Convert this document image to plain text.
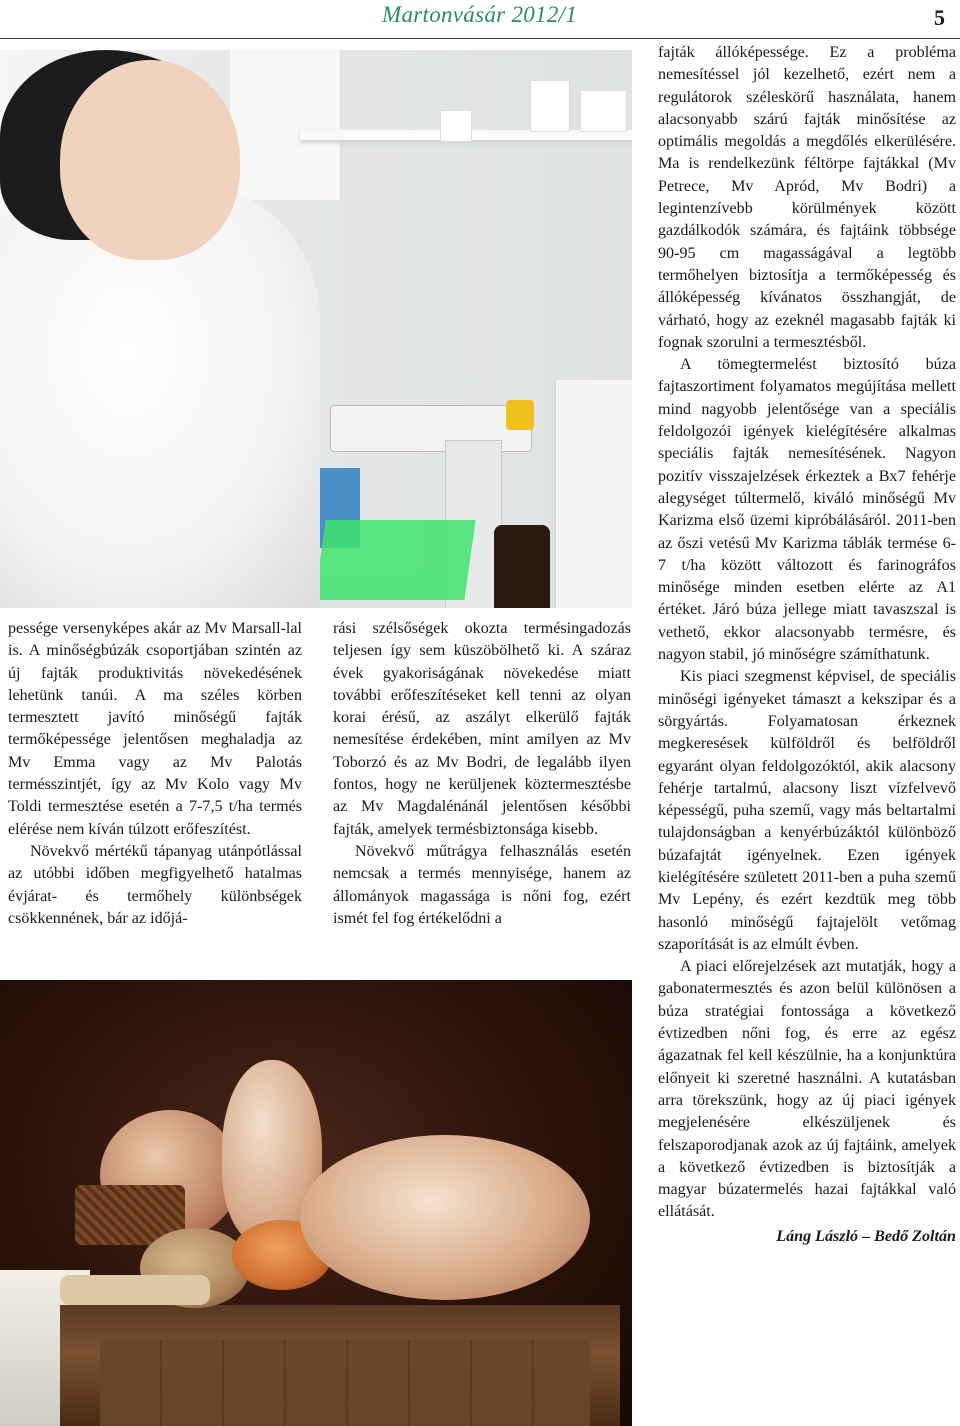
Martonvásár 2012/1	5

pessége versenyképes akár az Mv Marsall-lal is. A minőségbúzák csoportjában szintén az új fajták produktivitás növekedésének lehetünk tanúi. A ma széles körben termesztett javító minőségű fajták termőképessége jelentősen meghaladja az Mv Emma vagy az Mv Palotás termésszintjét, így az Mv Kolo vagy Mv Toldi termesztése esetén a 7-7,5 t/ha termés elérése nem kíván túlzott erőfeszítést.

Növekvő mértékű tápanyag utánpótlással az utóbbi időben megfigyelhető hatalmas évjárat- és termőhely különbségek csökkennének, bár az időjá-

rási szélsőségek okozta termésingadozás teljesen így sem küszöbölhető ki. A száraz évek gyakoriságának növekedése miatt további erőfeszítéseket kell tenni az olyan korai érésű, az aszályt elkerülő fajták nemesítése érdekében, mint amilyen az Mv Toborzó és az Mv Bodri, de legalább ilyen fontos, hogy ne kerüljenek köztermesztésbe az Mv Magdalénánál jelentősen későbbi fajták, amelyek termésbiztonsága kisebb.

Növekvő műtrágya felhasználás esetén nemcsak a termés mennyisége, hanem az állományok magassága is nőni fog, ezért ismét fel fog értékelődni a

fajták állóképessége. Ez a probléma nemesítéssel jól kezelhető, ezért nem a regulátorok széleskörű használata, hanem alacsonyabb szárú fajták minősítése az optimális megoldás a megdőlés elkerülésére. Ma is rendelkezünk féltörpe fajtákkal (Mv Petrece, Mv Apród, Mv Bodri) a legintenzívebb körülmények között gazdálkodók számára, és fajtáink többsége 90-95 cm magasságával a legtöbb termőhelyen biztosítja a termőképesség és állóképesség kívánatos összhangját, de várható, hogy az ezeknél magasabb fajták ki fognak szorulni a termesztésből.

A tömegtermelést biztosító búza fajtaszortiment folyamatos megújítása mellett mind nagyobb jelentősége van a speciális feldolgozói igények kielégítésére alkalmas speciális fajták nemesítésének. Nagyon pozitív visszajelzések érkeztek a Bx7 fehérje alegységet túltermelő, kiváló minőségű Mv Karizma első üzemi kipróbálásáról. 2011-ben az őszi vetésű Mv Karizma táblák termése 6-7 t/ha között változott és farinográfos minősége minden esetben elérte az A1 értéket. Járó búza jellege miatt tavaszszal is vethető, ekkor alacsonyabb termésre, és nagyon stabil, jó minőségre számíthatunk.

Kis piaci szegmenst képvisel, de speciális minőségi igényeket támaszt a kekszipar és a sörgyártás. Folyamatosan érkeznek megkeresések külföldről és belföldről egyaránt olyan feldolgozóktól, akik alacsony fehérje tartalmú, alacsony liszt vízfelvevő képességű, puha szemű, vagy más beltartalmi tulajdonságban a kenyérbúzáktól különböző búzafajtát igényelnek. Ezen igények kielégítésére született 2011-ben a puha szemű Mv Lepény, és ezért kezdtük meg több hasonló minőségű fajtajelölt vetőmag szaporítását is az elmúlt évben.

A piaci előrejelzések azt mutatják, hogy a gabonatermesztés és azon belül különösen a búza stratégiai fontossága a következő évtizedben nőni fog, és erre az egész ágazatnak fel kell készülnie, ha a konjunktúra előnyeit ki szeretné használni. A kutatásban arra törekszünk, hogy az új piaci igények megjelenésére elkészüljenek és felszaporodjanak azok az új fajtáink, amelyek a következő évtizedben is biztosítják a magyar búzatermelés hazai fajtákkal való ellátását.

Láng László – Bedő Zoltán
